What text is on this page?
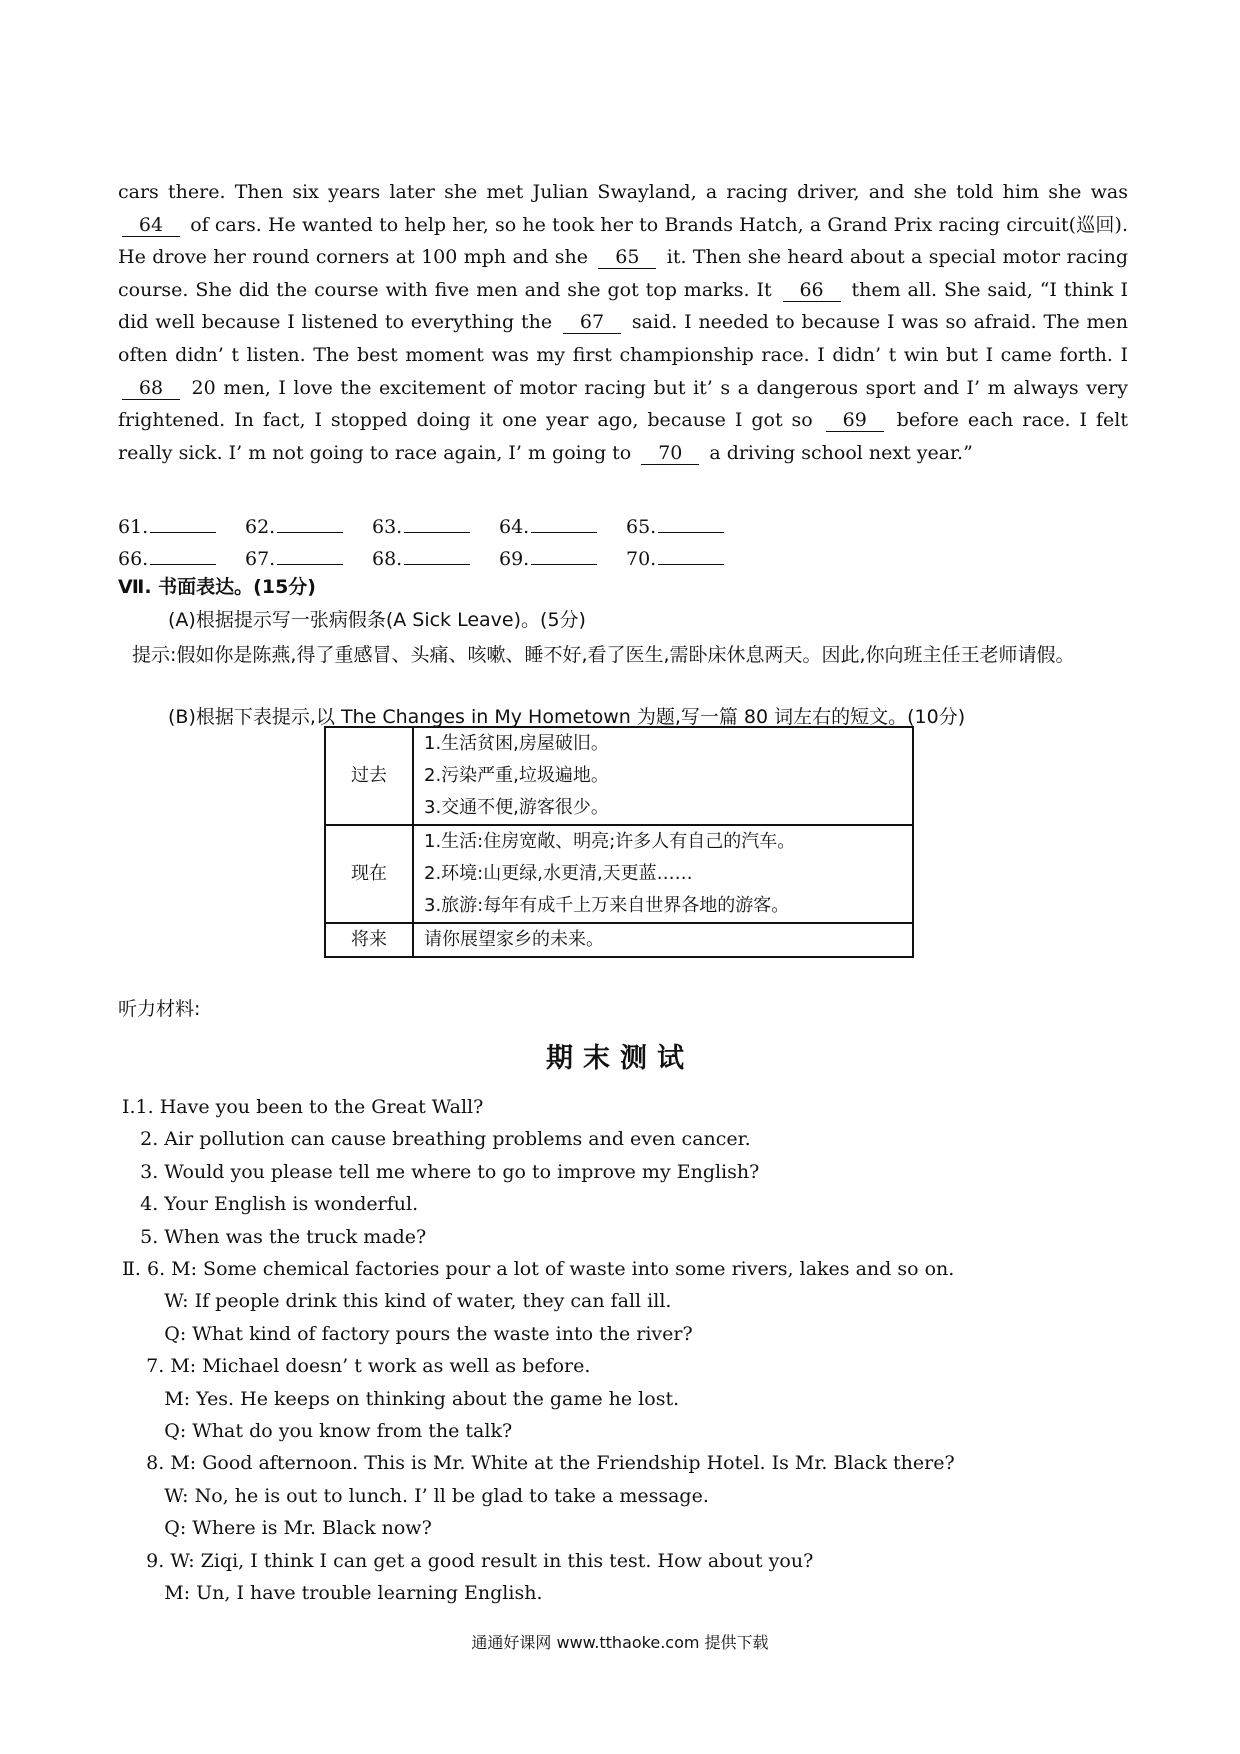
cars there. Then six years later she met Julian Swayland, a racing driver, and she told him she was 64 of cars. He wanted to help her, so he took her to Brands Hatch, a Grand Prix racing circuit(巡回). He drove her round corners at 100 mph and she 65 it. Then she heard about a special motor racing course. She did the course with five men and she got top marks. It 66 them all. She said, “I think I did well because I listened to everything the 67 said. I needed to because I was so afraid. The men often didn’ t listen. The best moment was my first championship race. I didn’ t win but I came forth. I 68 20 men, I love the excitement of motor racing but it’ s a dangerous sport and I’ m always very frightened. In fact, I stopped doing it one year ago, because I got so 69 before each race. I felt really sick. I’ m not going to race again, I’ m going to 70 a driving school next year.”
61.	62.	63.	64.	65.
66.	67.	68.	69.	70.
Ⅶ. 书面表达。(15分)
(A)根据提示写一张病假条(A Sick Leave)。(5分)
提示:假如你是陈燕,得了重感冒、头痛、咳嗽、睡不好,看了医生,需卧床休息两天。因此,你向班主任王老师请假。
(B)根据下表提示,以 The Changes in My Hometown 为题,写一篇 80 词左右的短文。(10分)
过去	1.生活贫困,房屋破旧。
2.污染严重,垃圾遍地。
3.交通不便,游客很少。

现在	1.生活:住房宽敞、明亮;许多人有自己的汽车。
2.环境:山更绿,水更清,天更蓝……
3.旅游:每年有成千上万来自世界各地的游客。

将来	请你展望家乡的未来。
听力材料:
期末测试
Ⅰ.1. Have you been to the Great Wall?
2. Air pollution can cause breathing problems and even cancer.
3. Would you please tell me where to go to improve my English?
4. Your English is wonderful.
5. When was the truck made?
Ⅱ. 6. M: Some chemical factories pour a lot of waste into some rivers, lakes and so on.
W: If people drink this kind of water, they can fall ill.
Q: What kind of factory pours the waste into the river?
7. M: Michael doesn’ t work as well as before.
M: Yes. He keeps on thinking about the game he lost.
Q: What do you know from the talk?
8. M: Good afternoon. This is Mr. White at the Friendship Hotel. Is Mr. Black there?
W: No, he is out to lunch. I’ ll be glad to take a message.
Q: Where is Mr. Black now?
9. W: Ziqi, I think I can get a good result in this test. How about you?
M: Un, I have trouble learning English.
通通好课网 www.tthaoke.com 提供下载
